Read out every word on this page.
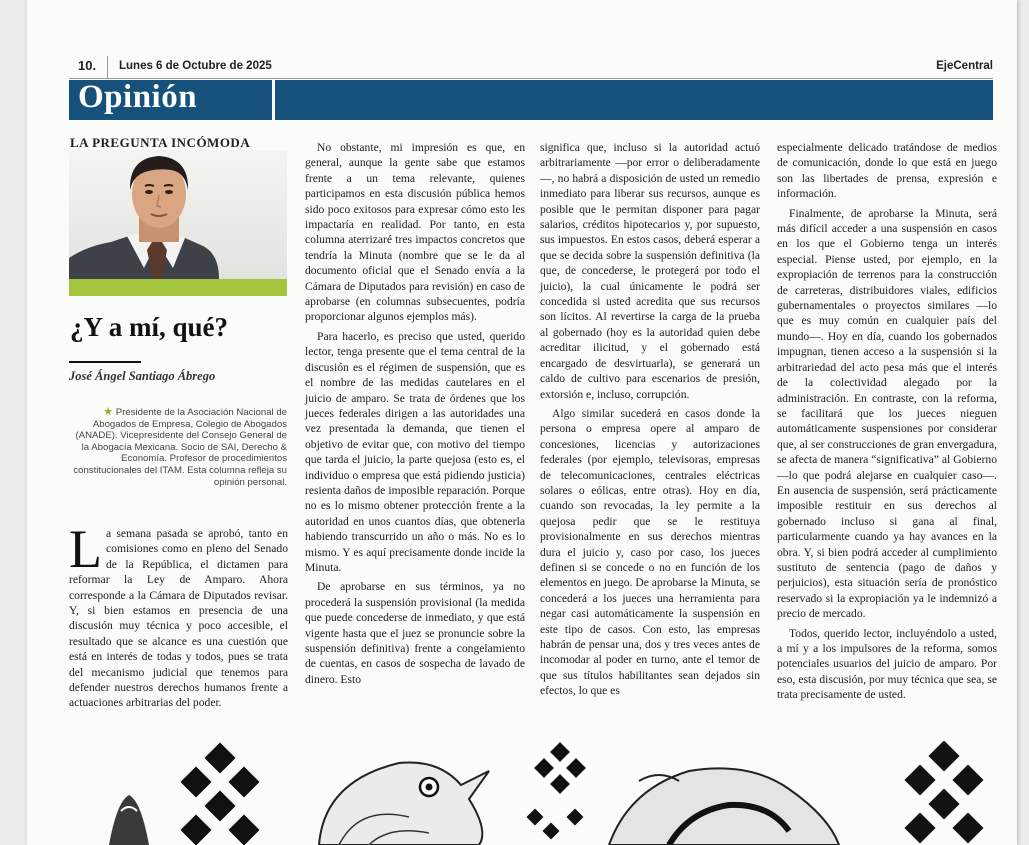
10. Lunes 6 de Octubre de 2025	EjeCentral
Opinión
LA PREGUNTA INCÓMODA
¿Y a mí, qué?
José Ángel Santiago Ábrego
★ Presidente de la Asociación Nacional de Abogados de Empresa, Colegio de Abogados (ANADE). Vicepresidente del Consejo General de la Abogacía Mexicana. Socio de SAI, Derecho & Economía. Profesor de procedimientos constitucionales del ITAM. Esta columna refleja su opinión personal.

La semana pasada se aprobó, tanto en comisiones como en pleno del Senado de la República, el dictamen para reformar la Ley de Amparo. Ahora corresponde a la Cámara de Diputados revisar. Y, si bien estamos en presencia de una discusión muy técnica y poco accesible, el resultado que se alcance es una cuestión que está en interés de todas y todos, pues se trata del mecanismo judicial que tenemos para defender nuestros derechos humanos frente a actuaciones arbitrarias del poder.

No obstante, mi impresión es que, en general, aunque la gente sabe que estamos frente a un tema relevante, quienes participamos en esta discusión pública hemos sido poco exitosos para expresar cómo esto les impactaría en realidad. Por tanto, en esta columna aterrizaré tres impactos concretos que tendría la Minuta (nombre que se le da al documento oficial que el Senado envía a la Cámara de Diputados para revisión) en caso de aprobarse (en columnas subsecuentes, podría proporcionar algunos ejemplos más).

Para hacerlo, es preciso que usted, querido lector, tenga presente que el tema central de la discusión es el régimen de suspensión, que es el nombre de las medidas cautelares en el juicio de amparo. Se trata de órdenes que los jueces federales dirigen a las autoridades una vez presentada la demanda, que tienen el objetivo de evitar que, con motivo del tiempo que tarda el juicio, la parte quejosa (esto es, el individuo o empresa que está pidiendo justicia) resienta daños de imposible reparación. Porque no es lo mismo obtener protección frente a la autoridad en unos cuantos días, que obtenerla habiendo transcurrido un año o más. No es lo mismo. Y es aquí precisamente donde incide la Minuta.

De aprobarse en sus términos, ya no procederá la suspensión provisional (la medida que puede concederse de inmediato, y que está vigente hasta que el juez se pronuncie sobre la suspensión definitiva) frente a congelamiento de cuentas, en casos de sospecha de lavado de dinero. Esto

significa que, incluso si la autoridad actuó arbitrariamente —por error o deliberadamente—, no habrá a disposición de usted un remedio inmediato para liberar sus recursos, aunque es posible que le permitan disponer para pagar salarios, créditos hipotecarios y, por supuesto, sus impuestos. En estos casos, deberá esperar a que se decida sobre la suspensión definitiva (la que, de concederse, le protegerá por todo el juicio), la cual únicamente le podrá ser concedida si usted acredita que sus recursos son lícitos. Al revertirse la carga de la prueba al gobernado (hoy es la autoridad quien debe acreditar ilicitud, y el gobernado está encargado de desvirtuarla), se generará un caldo de cultivo para escenarios de presión, extorsión e, incluso, corrupción.

Algo similar sucederá en casos donde la persona o empresa opere al amparo de concesiones, licencias y autorizaciones federales (por ejemplo, televisoras, empresas de telecomunicaciones, centrales eléctricas solares o eólicas, entre otras). Hoy en día, cuando son revocadas, la ley permite a la quejosa pedir que se le restituya provisionalmente en sus derechos mientras dura el juicio y, caso por caso, los jueces definen si se concede o no en función de los elementos en juego. De aprobarse la Minuta, se concederá a los jueces una herramienta para negar casi automáticamente la suspensión en este tipo de casos. Con esto, las empresas habrán de pensar una, dos y tres veces antes de incomodar al poder en turno, ante el temor de que sus títulos habilitantes sean dejados sin efectos, lo que es

especialmente delicado tratándose de medios de comunicación, donde lo que está en juego son las libertades de prensa, expresión e información.

Finalmente, de aprobarse la Minuta, será más difícil acceder a una suspensión en casos en los que el Gobierno tenga un interés especial. Piense usted, por ejemplo, en la expropiación de terrenos para la construcción de carreteras, distribuidores viales, edificios gubernamentales o proyectos similares —lo que es muy común en cualquier país del mundo—. Hoy en día, cuando los gobernados impugnan, tienen acceso a la suspensión si la arbitrariedad del acto pesa más que el interés de la colectividad alegado por la administración. En contraste, con la reforma, se facilitará que los jueces nieguen automáticamente suspensiones por considerar que, al ser construcciones de gran envergadura, se afecta de manera “significativa” al Gobierno —lo que podrá alejarse en cualquier caso—. En ausencia de suspensión, será prácticamente imposible restituir en sus derechos al gobernado incluso si gana al final, particularmente cuando ya hay avances en la obra. Y, si bien podrá acceder al cumplimiento sustituto de sentencia (pago de daños y perjuicios), esta situación sería de pronóstico reservado si la expropiación ya le indemnizó a precio de mercado.

Todos, querido lector, incluyéndolo a usted, a mí y a los impulsores de la reforma, somos potenciales usuarios del juicio de amparo. Por eso, esta discusión, por muy técnica que sea, se trata precisamente de usted.
